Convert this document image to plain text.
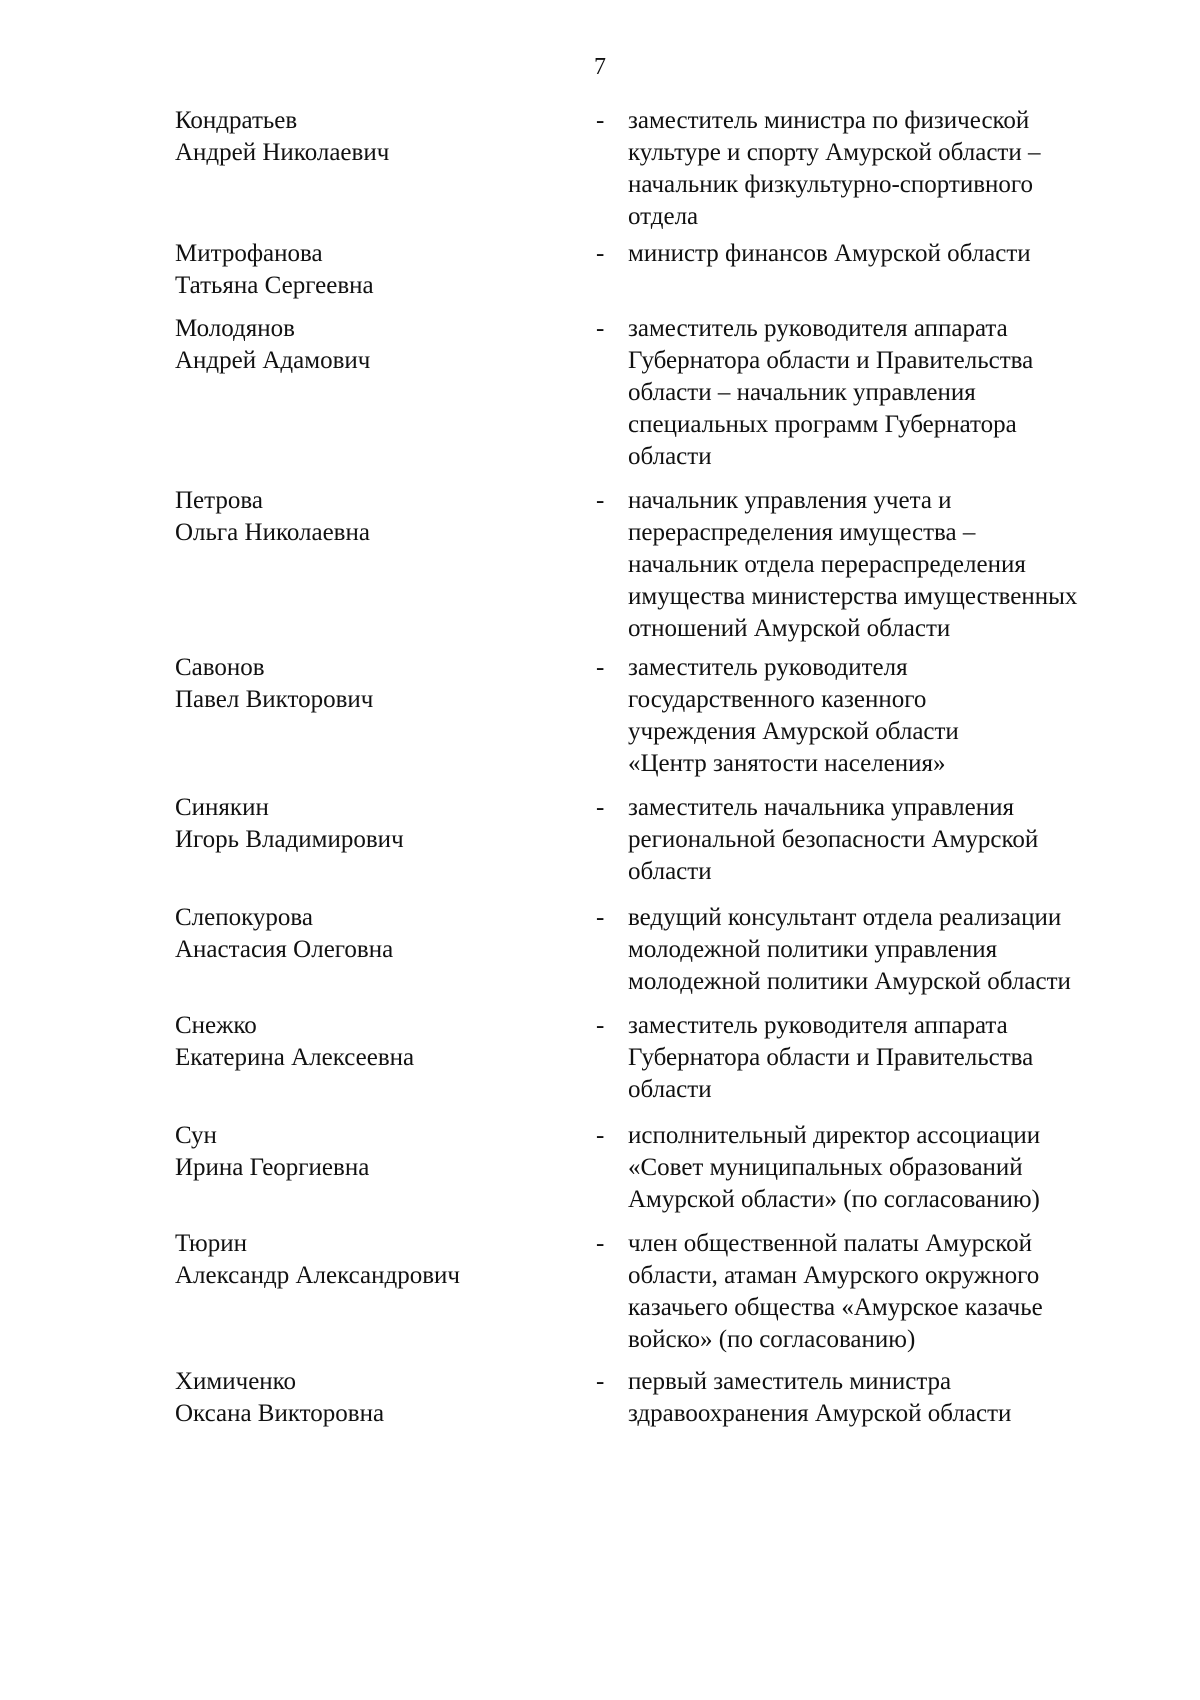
7
Кондратьев
Андрей Николаевич
- заместитель министра по физической
культуре и спорту Амурской области –
начальник физкультурно-спортивного
отдела
Митрофанова
Татьяна Сергеевна
- министр финансов Амурской области
Молодянов
Андрей Адамович
- заместитель руководителя аппарата
Губернатора области и Правительства
области – начальник управления
специальных программ Губернатора
области
Петрова
Ольга Николаевна
- начальник управления учета и
перераспределения имущества –
начальник отдела перераспределения
имущества министерства имущественных
отношений Амурской области
Савонов
Павел Викторович
- заместитель руководителя
государственного казенного
учреждения Амурской области
«Центр занятости населения»
Синякин
Игорь Владимирович
- заместитель начальника управления
региональной безопасности Амурской
области
Слепокурова
Анастасия Олеговна
- ведущий консультант отдела реализации
молодежной политики управления
молодежной политики Амурской области
Снежко
Екатерина Алексеевна
- заместитель руководителя аппарата
Губернатора области и Правительства
области
Сун
Ирина Георгиевна
- исполнительный директор ассоциации
«Совет муниципальных образований
Амурской области» (по согласованию)
Тюрин
Александр Александрович
- член общественной палаты Амурской
области, атаман Амурского окружного
казачьего общества «Амурское казачье
войско» (по согласованию)
Химиченко
Оксана Викторовна
- первый заместитель министра
здравоохранения Амурской области
